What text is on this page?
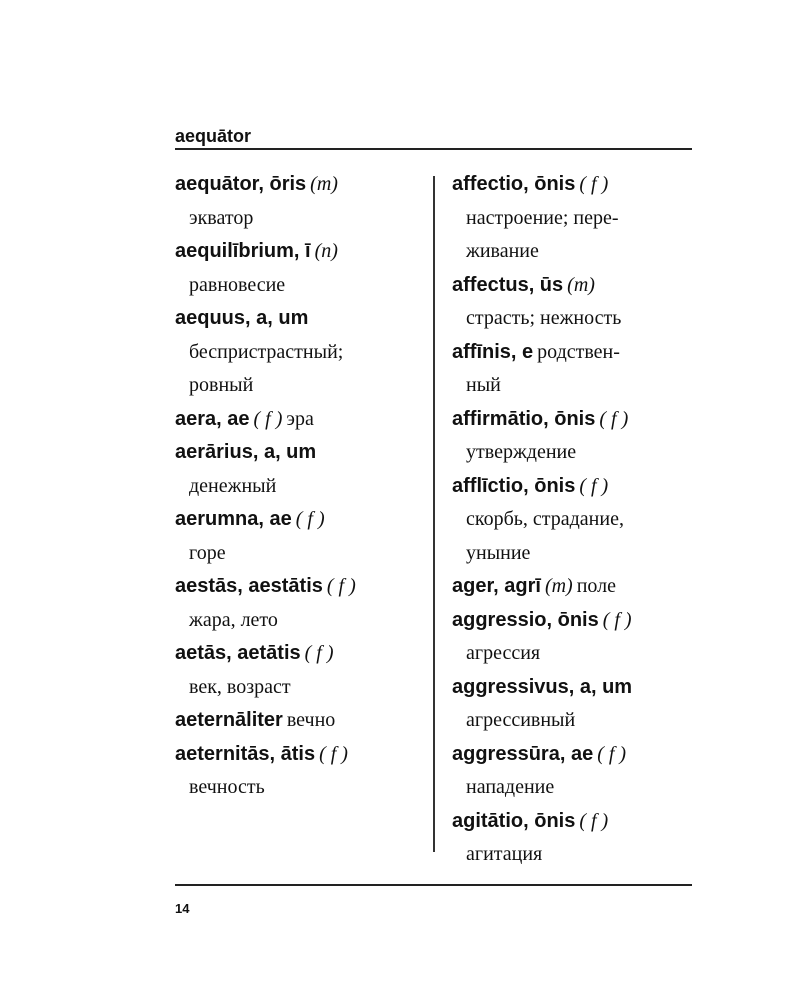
aequātor
aequātor, ōris (m)
экватор
aequilībrium, ī (n)
равновесие
aequus, a, um
беспристрастный;
ровный
aera, ae ( f ) эра
aerārius, a, um
денежный
aerumna, ae ( f )
горе
aestās, aestātis ( f )
жара, лето
aetās, aetātis ( f )
век, возраст
aeternāliter вечно
aeternitās, ātis ( f )
вечность
affectio, ōnis ( f )
настроение; пере-
живание
affectus, ūs (m)
страсть; нежность
affīnis, e родствен-
ный
affirmātio, ōnis ( f )
утверждение
afflīctio, ōnis ( f )
скорбь, страдание,
уныние
ager, agrī (m) поле
aggressio, ōnis ( f )
агрессия
aggressivus, a, um
агрессивный
aggressūra, ae ( f )
нападение
agitātio, ōnis ( f )
агитация
14
